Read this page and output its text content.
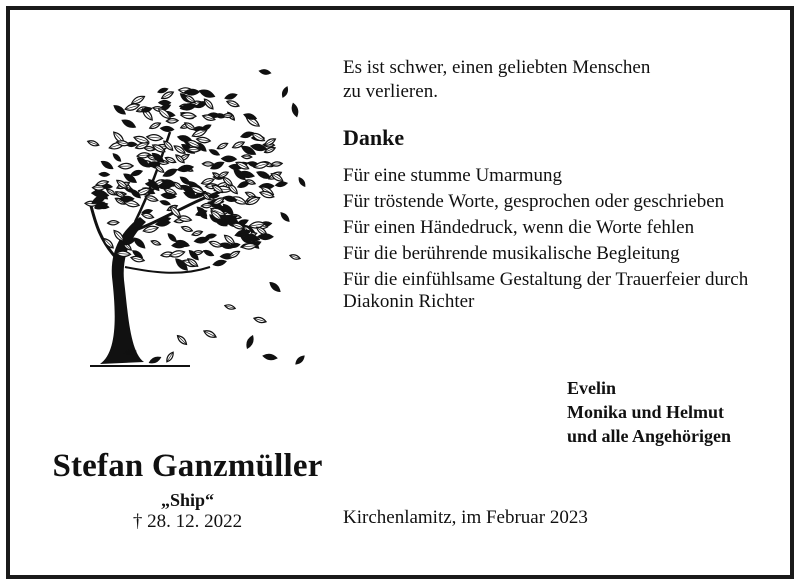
Stefan Ganzmüller
„Ship“
† 28. 12. 2022

Es ist schwer, einen geliebten Menschen
zu verlieren.

Danke
Für eine stumme Umarmung
Für tröstende Worte, gesprochen oder geschrieben
Für einen Händedruck, wenn die Worte fehlen
Für die berührende musikalische Begleitung
Für die einfühlsame Gestaltung der Trauerfeier durch Diakonin Richter
Evelin
Monika und Helmut
und alle Angehörigen
Kirchenlamitz, im Februar 2023
